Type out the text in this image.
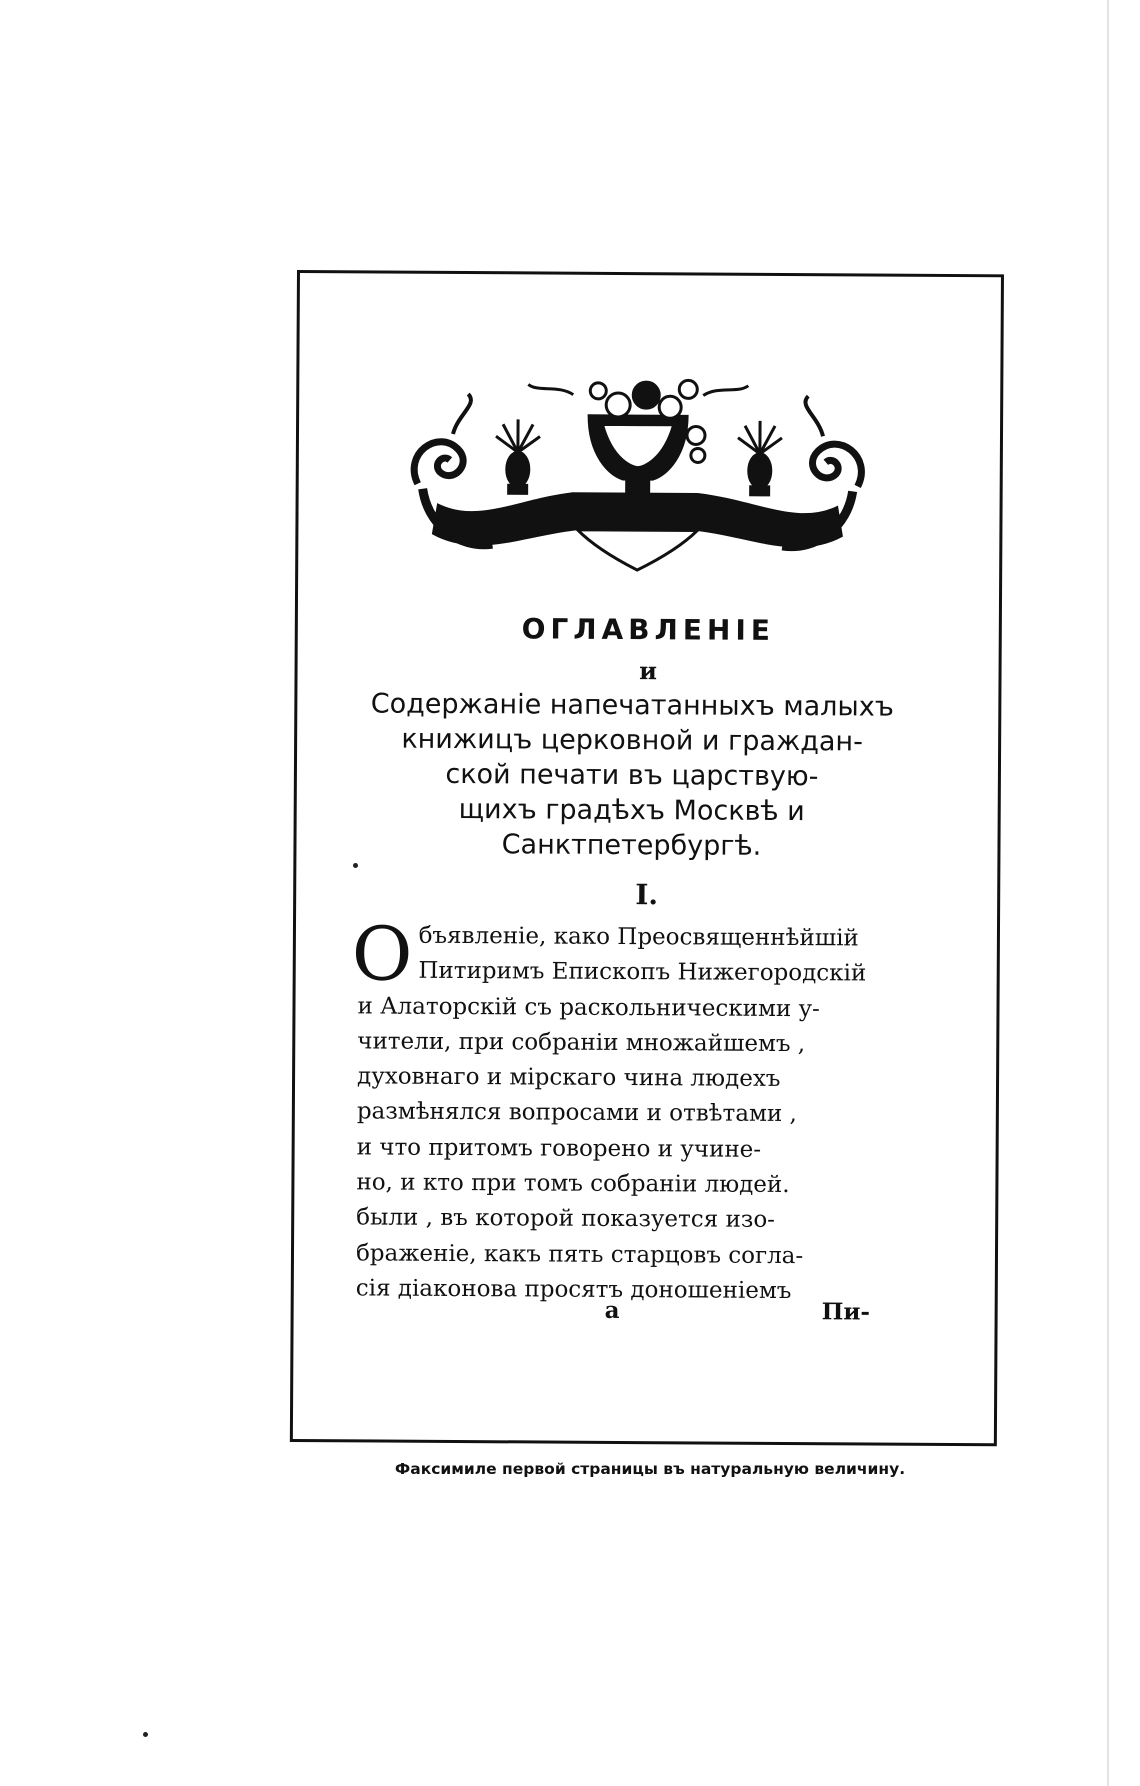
ОГЛАВЛЕНІЕ
и
Содержаніе напечатанныхъ малыхъ
книжицъ церковной и граждан-
ской печати въ царствую-
щихъ градѣхъ Москвѣ и
Санктпетербургѣ.
I.
О бъявленіе, како Преосвященнѣйшій
Питиримъ Епископъ Нижегородскій
и Алаторскій съ раскольническими у-
чители, при собраніи множайшемъ ,
духовнаго и мірскаго чина людехъ
размѣнялся вопросами и отвѣтами ,
и что притомъ говорено и учине-
но, и кто при томъ собраніи людей.
были , въ которой показуется изо-
браженіе, какъ пять старцовъ согла-
сія діаконова просятъ доношеніемъ
а	Пи-
Факсимиле первой страницы въ натуральную величину.
